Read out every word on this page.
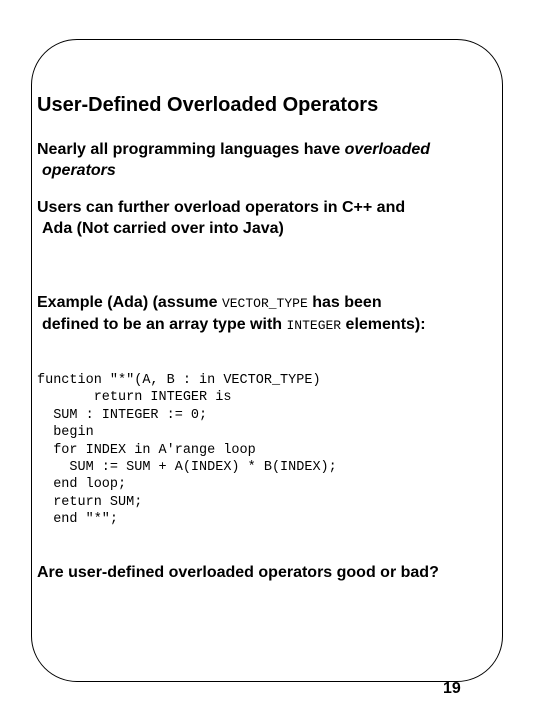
User-Defined Overloaded Operators

Nearly all programming languages have overloaded
operators

Users can further overload operators in C++ and
Ada (Not carried over into Java)

Example (Ada) (assume VECTOR_TYPE has been
defined to be an array type with INTEGER elements):

function "*"(A, B : in VECTOR_TYPE)
return INTEGER is
SUM : INTEGER := 0;
begin
for INDEX in A'range loop
SUM := SUM + A(INDEX) * B(INDEX);
end loop;
return SUM;
end "*";

Are user-defined overloaded operators good or bad?

19
